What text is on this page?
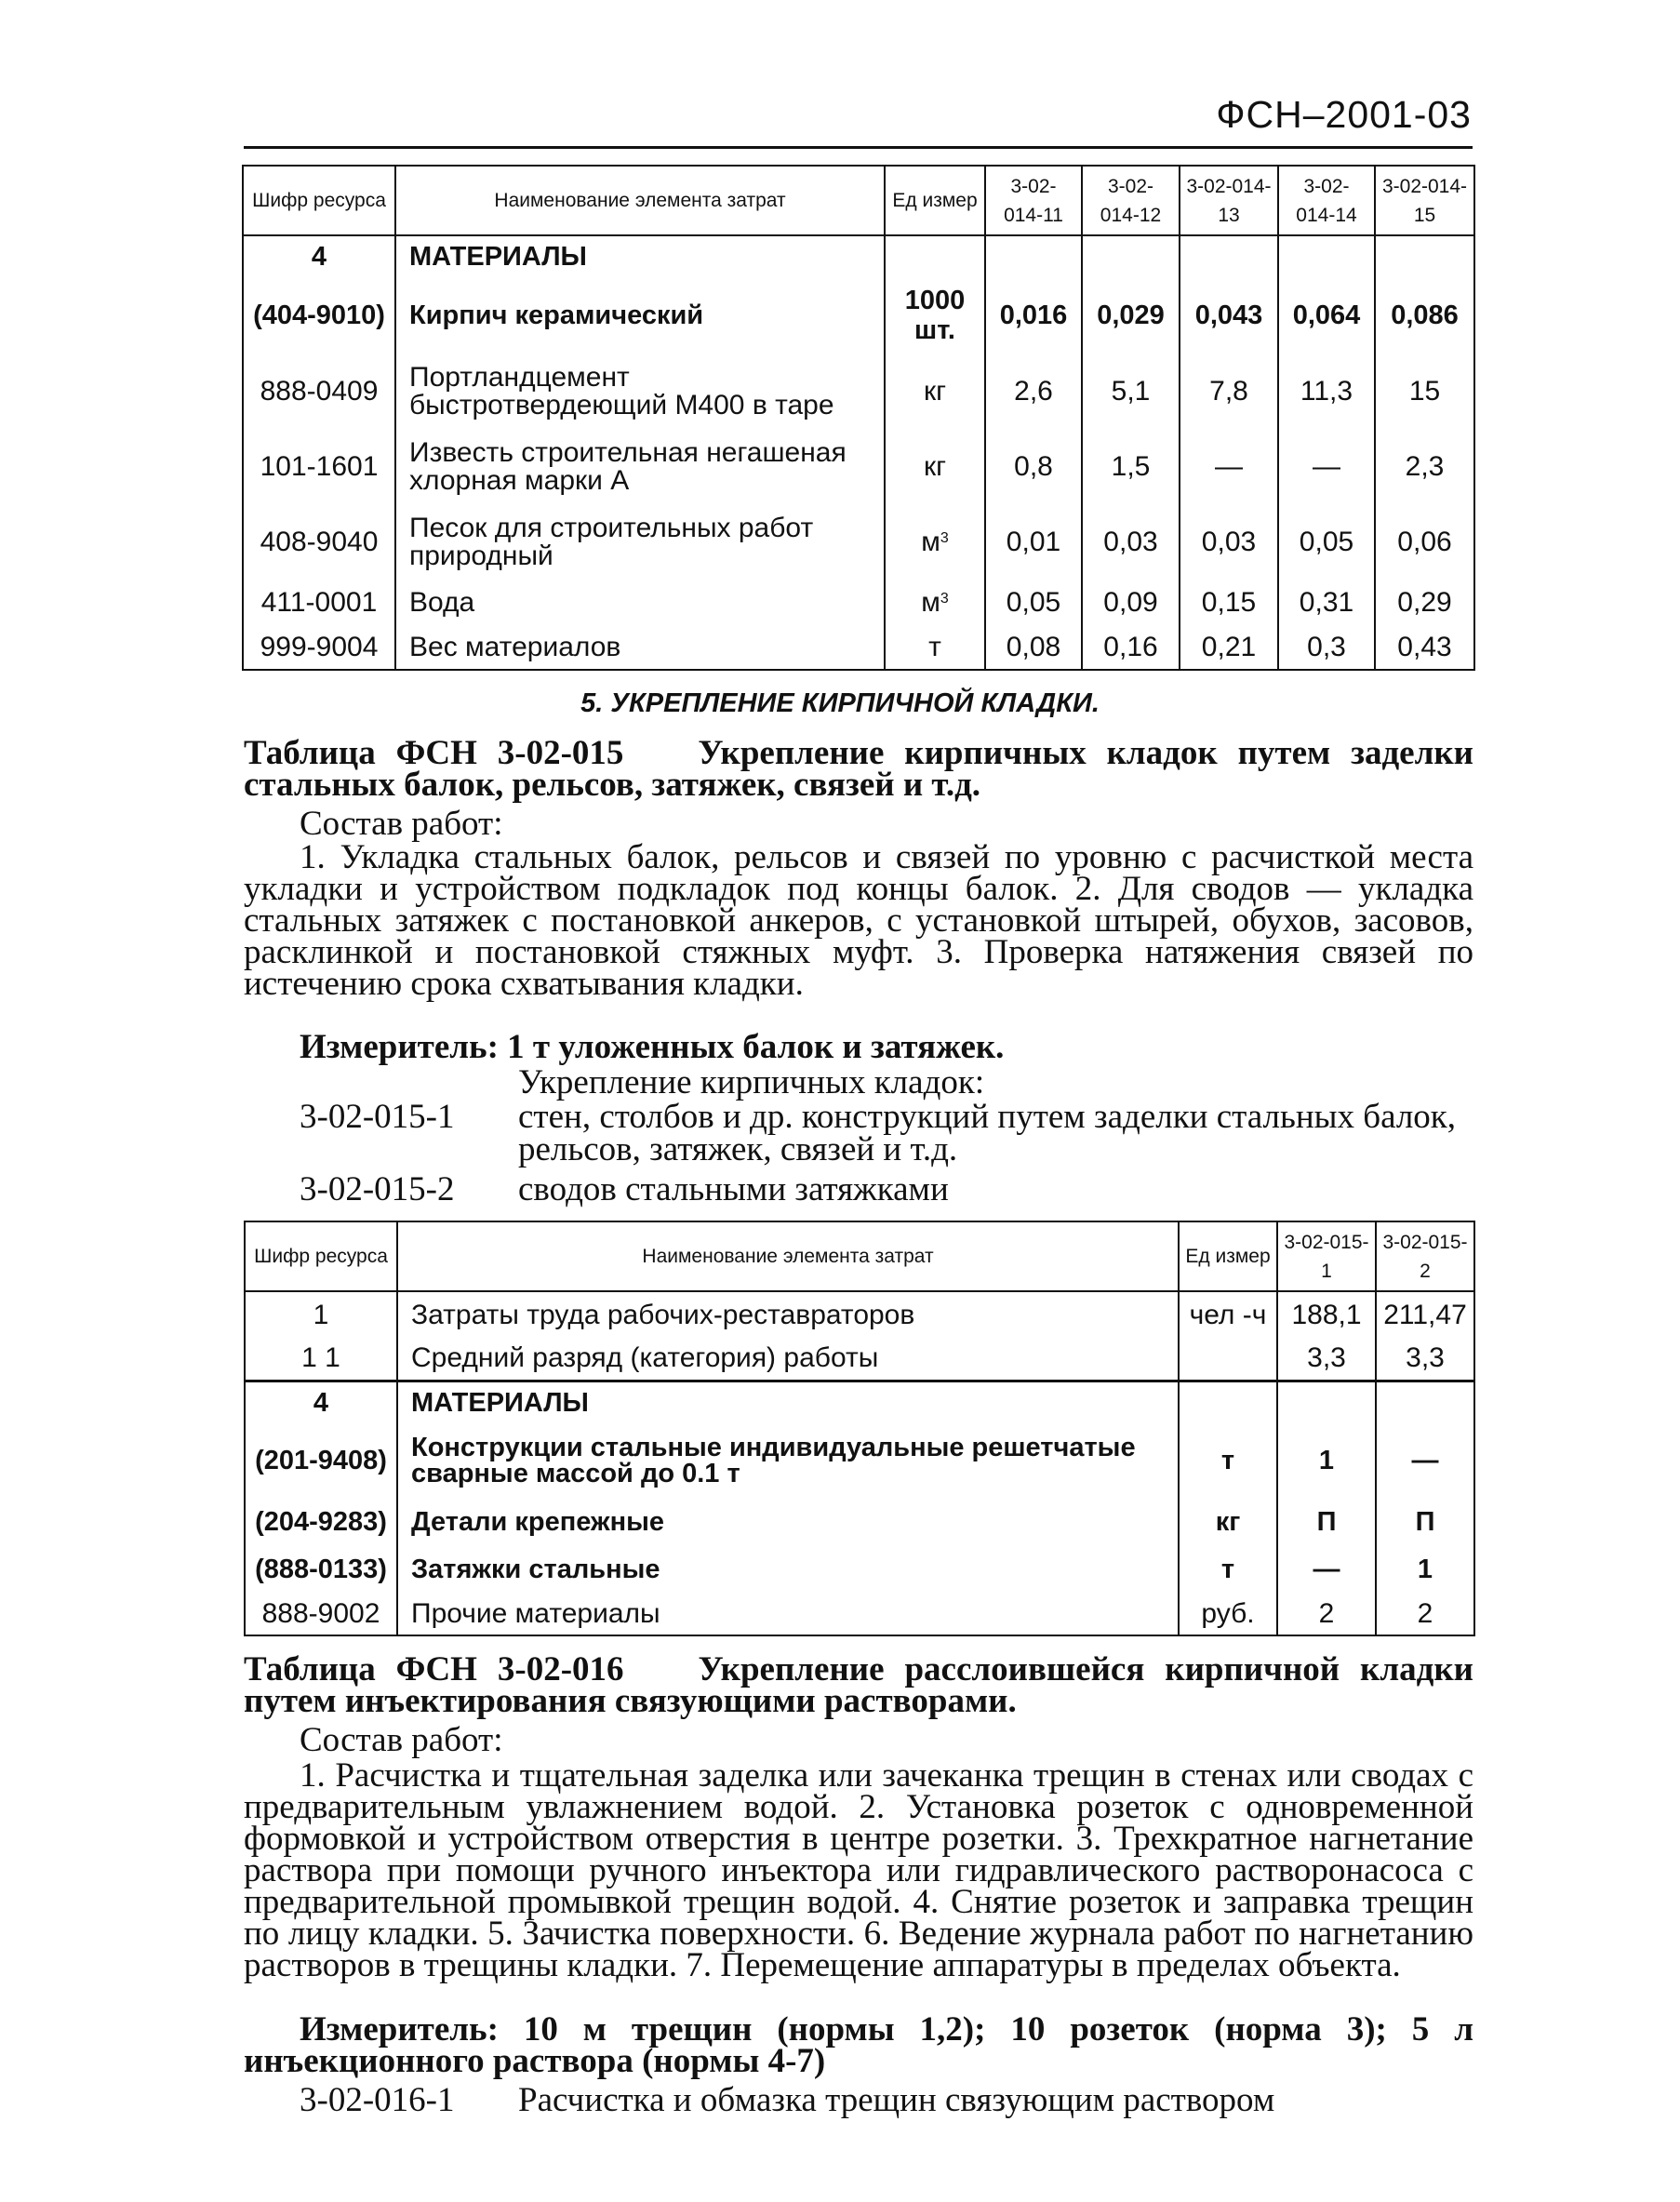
ФСН–2001-03
Шифр ресурса	Наименование элемента затрат	Ед измер	3-02-014-11	3-02-014-12	3-02-014-13	3-02-014-14	3-02-014-15
4	МАТЕРИАЛЫ						
(404-9010)	Кирпич керамический	1000 шт.	0,016	0,029	0,043	0,064	0,086
888-0409	Портландцемент быстротвердеющий М400 в таре	кг	2,6	5,1	7,8	11,3	15
101-1601	Известь строительная негашеная хлорная марки А	кг	0,8	1,5	—	—	2,3
408-9040	Песок для строительных работ природный	$м^3$	0,01	0,03	0,03	0,05	0,06
411-0001	Вода	$м^3$	0,05	0,09	0,15	0,31	0,29
999-9004	Вес материалов	т	0,08	0,16	0,21	0,3	0,43
5. УКРЕПЛЕНИЕ КИРПИЧНОЙ КЛАДКИ.
Таблица ФСН 3-02-015 Укрепление кирпичных кладок путем заделки стальных балок, рельсов, затяжек, связей и т.д.
Состав работ:
1. Укладка стальных балок, рельсов и связей по уровню с расчисткой места укладки и устройством подкладок под концы балок. 2. Для сводов — укладка стальных затяжек с постановкой анкеров, с установкой штырей, обухов, засовов, расклинкой и постановкой стяжных муфт. 3. Проверка натяжения связей по истечению срока схватывания кладки.
Измеритель: 1 т уложенных балок и затяжек.
Укрепление кирпичных кладок:
3-02-015-1 стен, столбов и др. конструкций путем заделки стальных балок, рельсов, затяжек, связей и т.д.
3-02-015-2 сводов стальными затяжками
Шифр ресурса	Наименование элемента затрат	Ед измер	3-02-015-1	3-02-015-2
1	Затраты труда рабочих-реставраторов	чел -ч	188,1	211,47
1 1	Средний разряд (категория) работы		3,3	3,3
4	МАТЕРИАЛЫ			
(201-9408)	Конструкции стальные индивидуальные решетчатые сварные массой до 0.1 т	т	1	—
(204-9283)	Детали крепежные	кг	П	П
(888-0133)	Затяжки стальные	т	—	1
888-9002	Прочие материалы	руб.	2	2
Таблица ФСН 3-02-016 Укрепление расслоившейся кирпичной кладки путем инъектирования связующими растворами.
Состав работ:
1. Расчистка и тщательная заделка или зачеканка трещин в стенах или сводах с предварительным увлажнением водой. 2. Установка розеток с одновременной формовкой и устройством отверстия в центре розетки. 3. Трехкратное нагнетание раствора при помощи ручного инъектора или гидравлического растворонасоса с предварительной промывкой трещин водой. 4. Снятие розеток и заправка трещин по лицу кладки. 5. Зачистка поверхности. 6. Ведение журнала работ по нагнетанию растворов в трещины кладки. 7. Перемещение аппаратуры в пределах объекта.
Измеритель: 10 м трещин (нормы 1,2); 10 розеток (норма 3); 5 л инъекционного раствора (нормы 4-7)
3-02-016-1 Расчистка и обмазка трещин связующим раствором
